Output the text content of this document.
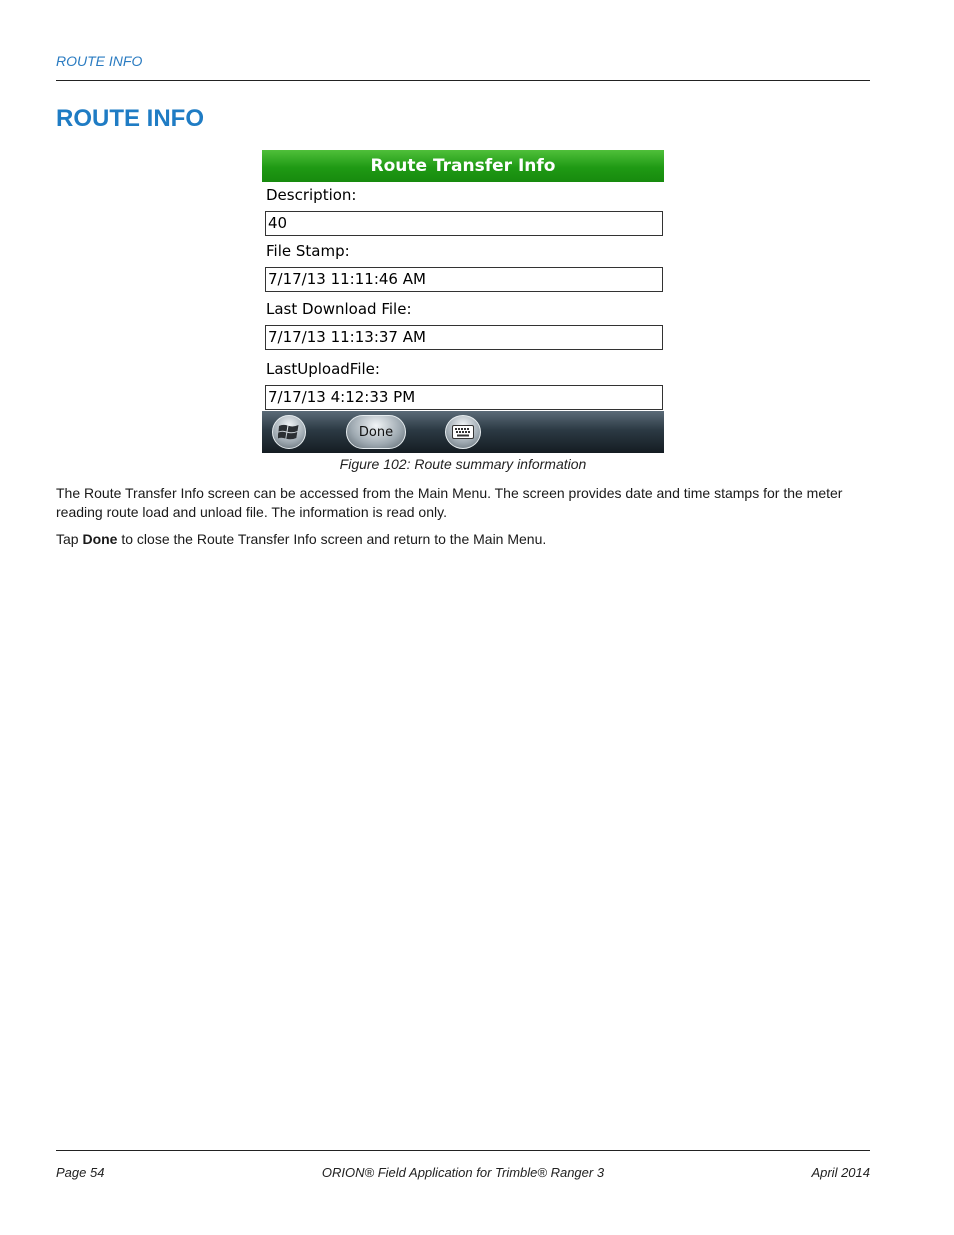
ROUTE INFO
ROUTE INFO
Route Transfer Info
Description:
40
File Stamp:
7/17/13 11:11:46 AM
Last Download File:
7/17/13 11:13:37 AM
LastUploadFile:
7/17/13 4:12:33 PM
Done
Figure 102: Route summary information

The Route Transfer Info screen can be accessed from the Main Menu. The screen provides date and time stamps for the meter reading route load and unload file. The information is read only.

Tap Done to close the Route Transfer Info screen and return to the Main Menu.

Page 54	ORION® Field Application for Trimble® Ranger 3	April 2014
